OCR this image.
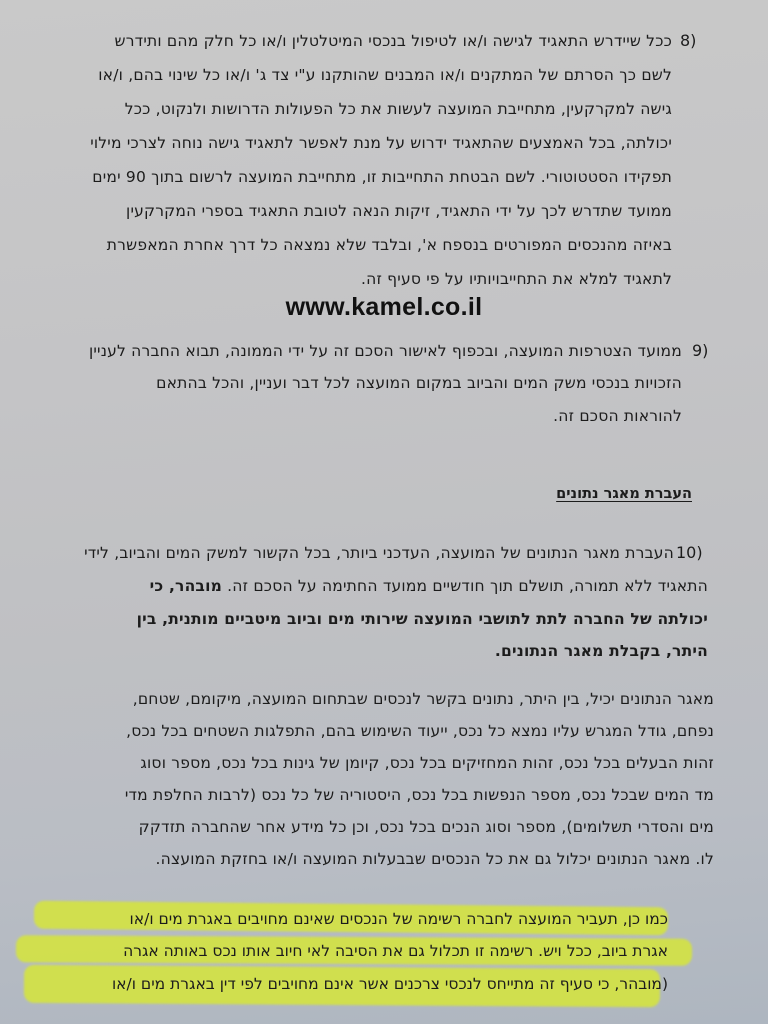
8)
ככל שיידרש התאגיד לגישה ו/או לטיפול בנכסי המיטלטלין ו/או כל חלק מהם ותידרש
לשם כך הסרתם של המתקנים ו/או המבנים שהותקנו ע"י צד ג' ו/או כל שינוי בהם, ו/או
גישה למקרקעין, מתחייבת המועצה לעשות את כל הפעולות הדרושות ולנקוט, ככל
יכולתה, בכל האמצעים שהתאגיד ידרוש על מנת לאפשר לתאגיד גישה נוחה לצרכי מילוי
תפקידו הסטטוטורי. לשם הבטחת התחייבות זו, מתחייבת המועצה לרשום בתוך 90 ימים
ממועד שתדרש לכך על ידי התאגיד, זיקות הנאה לטובת התאגיד בספרי המקרקעין
באיזה מהנכסים המפורטים בנספח א', ובלבד שלא נמצאה כל דרך אחרת המאפשרת
לתאגיד למלא את התחייבויותיו על פי סעיף זה.
www.kamel.co.il
9)
ממועד הצטרפות המועצה, ובכפוף לאישור הסכם זה על ידי הממונה, תבוא החברה לעניין
הזכויות בנכסי משק המים והביוב במקום המועצה לכל דבר ועניין, והכל בהתאם
להוראות הסכם זה.
העברת מאגר נתונים
10)
העברת מאגר הנתונים של המועצה, העדכני ביותר, בכל הקשור למשק המים והביוב, לידי
התאגיד ללא תמורה, תושלם תוך חודשיים ממועד החתימה על הסכם זה. מובהר, כי
יכולתה של החברה לתת לתושבי המועצה שירותי מים וביוב מיטביים מותנית, בין
היתר, בקבלת מאגר הנתונים.
מאגר הנתונים יכיל, בין היתר, נתונים בקשר לנכסים שבתחום המועצה, מיקומם, שטחם,
נפחם, גודל המגרש עליו נמצא כל נכס, ייעוד השימוש בהם, התפלגות השטחים בכל נכס,
זהות הבעלים בכל נכס, זהות המחזיקים בכל נכס, קיומן של גינות בכל נכס, מספר וסוג
מד המים שבכל נכס, מספר הנפשות בכל נכס, היסטוריה של כל נכס (לרבות החלפת מדי
מים והסדרי תשלומים), מספר וסוג הנכים בכל נכס, וכן כל מידע אחר שהחברה תזדקק
לו. מאגר הנתונים יכלול גם את כל הנכסים שבבעלות המועצה ו/או בחזקת המועצה.
כמו כן, תעביר המועצה לחברה רשימה של הנכסים שאינם מחויבים באגרת מים ו/או
אגרת ביוב, ככל ויש. רשימה זו תכלול גם את הסיבה לאי חיוב אותו נכס באותה אגרה
(מובהר, כי סעיף זה מתייחס לנכסי צרכנים אשר אינם מחויבים לפי דין באגרת מים ו/או
